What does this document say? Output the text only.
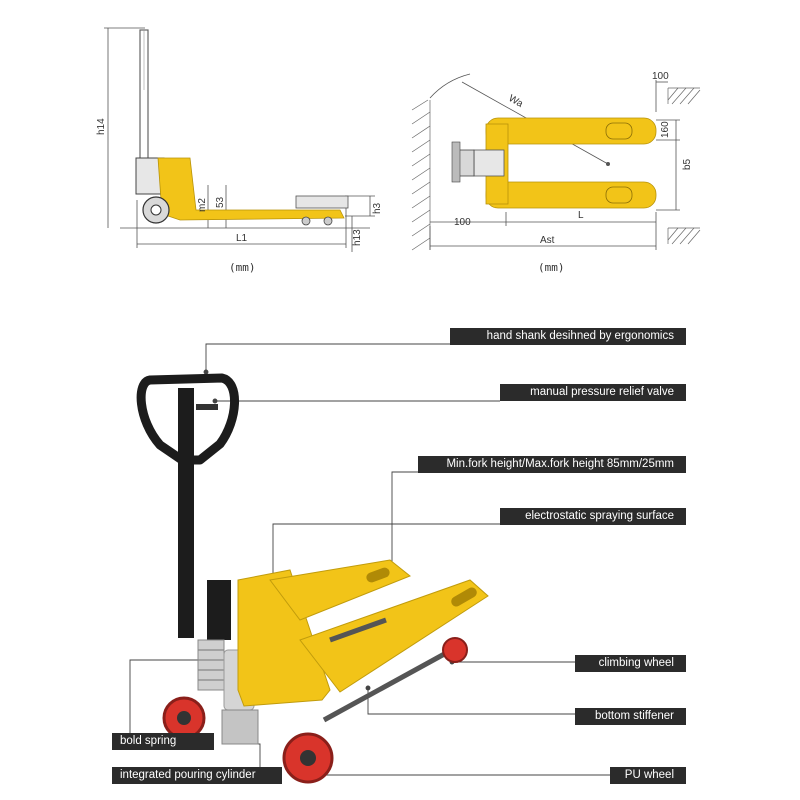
h14
m2 53
h3
h13
L1
(mm)
100
160
b5
Wa
100
L
Ast
(mm)
hand shank desihned by ergonomics
manual pressure relief valve
Min.fork height/Max.fork height 85mm/25mm
electrostatic spraying surface
climbing wheel
bottom stiffener
bold spring
integrated pouring cylinder	PU wheel
